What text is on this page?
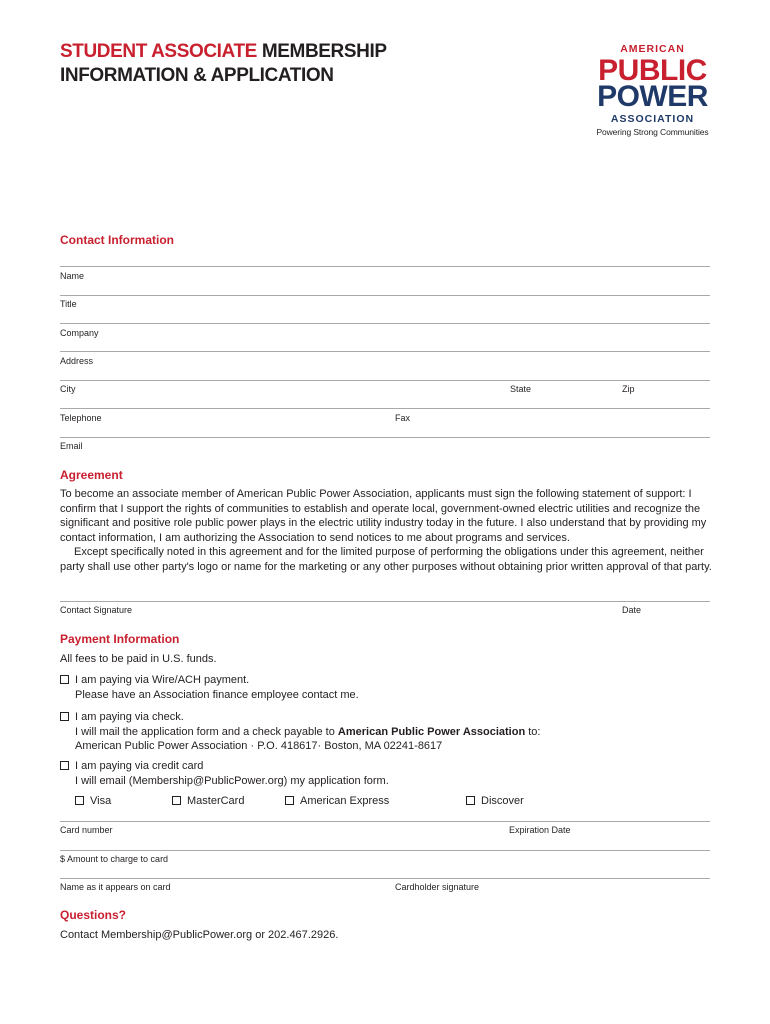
STUDENT ASSOCIATE MEMBERSHIP
INFORMATION & APPLICATION
AMERICAN
PUBLIC
POWER
ASSOCIATION
Powering Strong Communities
Contact Information
Name
Title
Company
Address
City	State	Zip
Telephone	Fax
Email
Agreement

To become an associate member of American Public Power Association, applicants must sign the following statement of support: I confirm that I support the rights of communities to establish and operate local, government-owned electric utilities and recognize the significant and positive role public power plays in the electric utility industry today in the future. I also understand that by providing my contact information, I am authorizing the Association to send notices to me about programs and services.

Except specifically noted in this agreement and for the limited purpose of performing the obligations under this agreement, neither party shall use other party's logo or name for the marketing or any other purposes without obtaining prior written approval of that party.

Contact Signature	Date
Payment Information
All fees to be paid in U.S. funds.
I am paying via Wire/ACH payment.
Please have an Association finance employee contact me.
I am paying via check.
I will mail the application form and a check payable to American Public Power Association to:
American Public Power Association · P.O. 418617· Boston, MA 02241-8617
I am paying via credit card
I will email (Membership@PublicPower.org) my application form.
Visa	MasterCard	American Express	Discover
Card number	Expiration Date
$ Amount to charge to card
Name as it appears on card	Cardholder signature
Questions?
Contact Membership@PublicPower.org or 202.467.2926.
